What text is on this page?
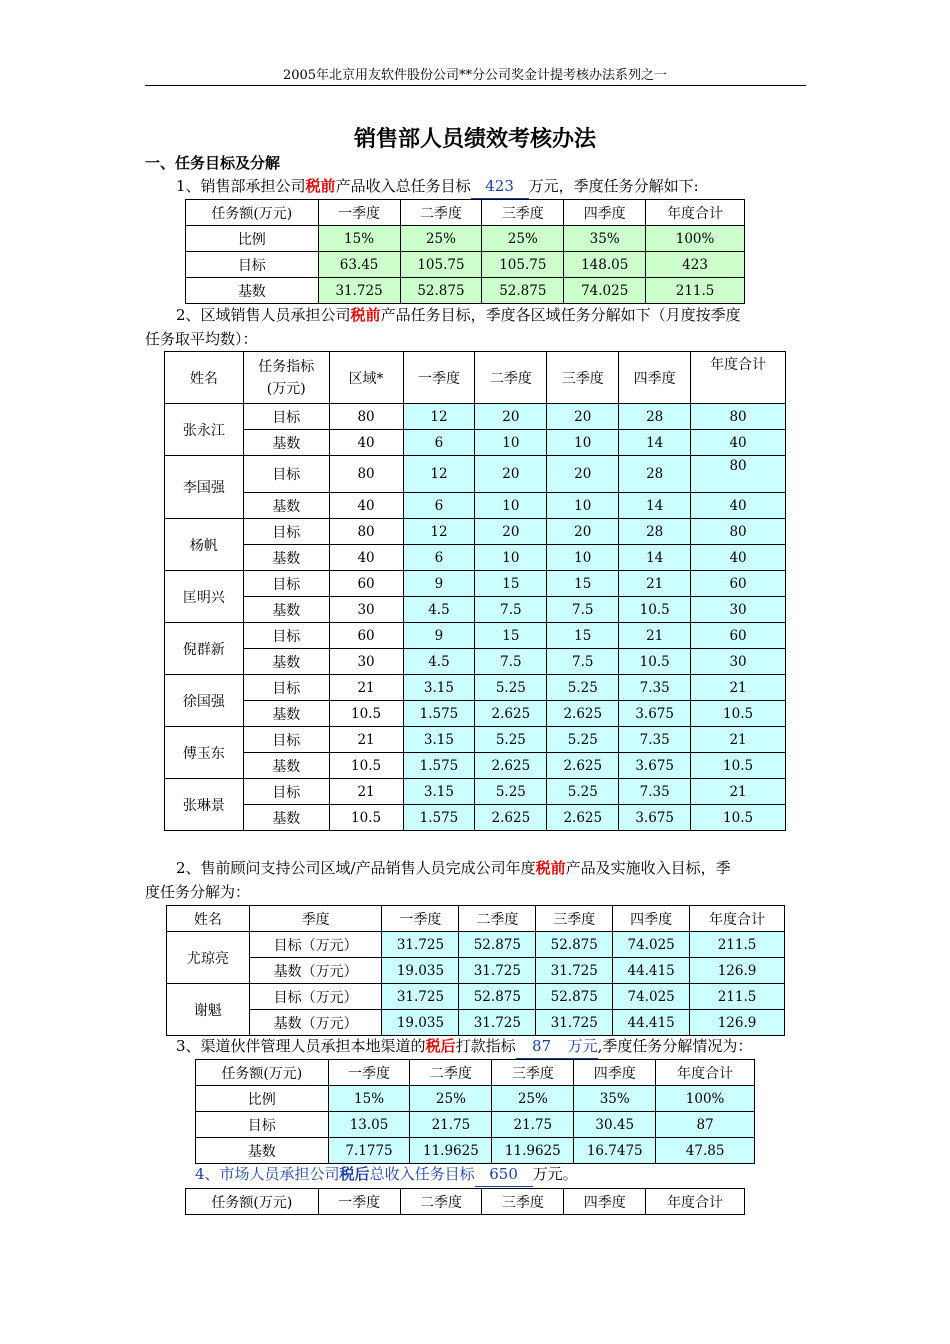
2005年北京用友软件股份公司**分公司奖金计提考核办法系列之一
销售部人员绩效考核办法
一、任务目标及分解
1、销售部承担公司税前产品收入总任务目标 423 万元，季度任务分解如下:
任务额(万元)	一季度	二季度	三季度	四季度	年度合计
比例	15%	25%	25%	35%	100%
目标	63.45	105.75	105.75	148.05	423
基数	31.725	52.875	52.875	74.025	211.5
2、区域销售人员承担公司税前产品任务目标，季度各区域任务分解如下（月度按季度
任务取平均数）：
姓名	任务指标
(万元)	区域*	一季度	二季度	三季度	四季度	年度合计
张永江	目标	80	12	20	20	28	80
	基数	40	6	10	10	14	40
李国强	目标	80	12	20	20	28	80
	基数	40	6	10	10	14	40
杨帆	目标	80	12	20	20	28	80
	基数	40	6	10	10	14	40
匡明兴	目标	60	9	15	15	21	60
	基数	30	4.5	7.5	7.5	10.5	30
倪群新	目标	60	9	15	15	21	60
	基数	30	4.5	7.5	7.5	10.5	30
徐国强	目标	21	3.15	5.25	5.25	7.35	21
	基数	10.5	1.575	2.625	2.625	3.675	10.5
傅玉东	目标	21	3.15	5.25	5.25	7.35	21
	基数	10.5	1.575	2.625	2.625	3.675	10.5
张琳景	目标	21	3.15	5.25	5.25	7.35	21
	基数	10.5	1.575	2.625	2.625	3.675	10.5
2、售前顾问支持公司区域/产品销售人员完成公司年度税前产品及实施收入目标，季
度任务分解为：
姓名	季度	一季度	二季度	三季度	四季度	年度合计
尤琼亮	目标（万元）	31.725	52.875	52.875	74.025	211.5
	基数（万元）	19.035	31.725	31.725	44.415	126.9
谢魁	目标（万元）	31.725	52.875	52.875	74.025	211.5
	基数（万元）	19.035	31.725	31.725	44.415	126.9
3、渠道伙伴管理人员承担本地渠道的税后打款指标 87 万元,季度任务分解情况为：
任务额(万元)	一季度	二季度	三季度	四季度	年度合计
比例	15%	25%	25%	35%	100%
目标	13.05	21.75	21.75	30.45	87
基数	7.1775	11.9625	11.9625	16.7475	47.85
4、市场人员承担公司税后总收入任务目标 650 万元。
任务额(万元)	一季度	二季度	三季度	四季度	年度合计
